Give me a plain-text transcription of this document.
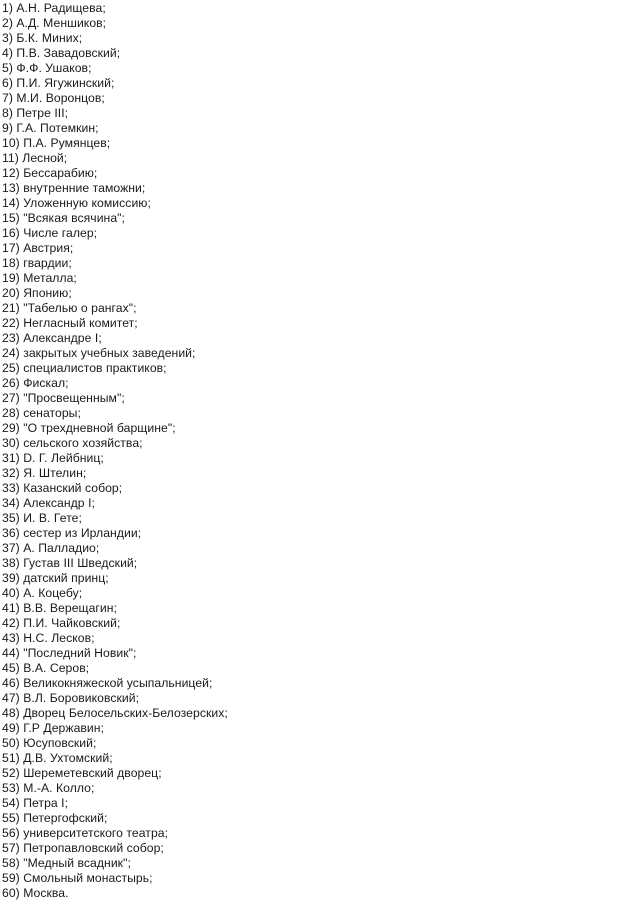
1) А.Н. Радищева;
2) А.Д. Меншиков;
3) Б.К. Миних;
4) П.В. Завадовский;
5) Ф.Ф. Ушаков;
6) П.И. Ягужинский;
7) М.И. Воронцов;
8) Петре III;
9) Г.А. Потемкин;
10) П.А. Румянцев;
11) Лесной;
12) Бессарабию;
13) внутренние таможни;
14) Уложенную комиссию;
15) "Всякая всячина";
16) Числе галер;
17) Австрия;
18) гвардии;
19) Металла;
20) Японию;
21) "Табелью о рангах";
22) Негласный комитет;
23) Александре I;
24) закрытых учебных заведений;
25) специалистов практиков;
26) Фискал;
27) "Просвещенным";
28) сенаторы;
29) "О трехдневной барщине";
30) сельского хозяйства;
31) D. Г. Лейбниц;
32) Я. Штелин;
33) Казанский собор;
34) Александр I;
35) И. В. Гете;
36) сестер из Ирландии;
37) А. Палладио;
38) Густав III Шведский;
39) датский принц;
40) А. Коцебу;
41) В.В. Верещагин;
42) П.И. Чайковский;
43) Н.С. Лесков;
44) "Последний Новик";
45) В.А. Серов;
46) Великокняжеской усыпальницей;
47) В.Л. Боровиковский;
48) Дворец Белосельских-Белозерских;
49) Г.Р Державин;
50) Юсуповский;
51) Д.В. Ухтомский;
52) Шереметевский дворец;
53) М.-А. Колло;
54) Петра I;
55) Петергофский;
56) университетского театра;
57) Петропавловский собор;
58) "Медный всадник";
59) Смольный монастырь;
60) Москва.
